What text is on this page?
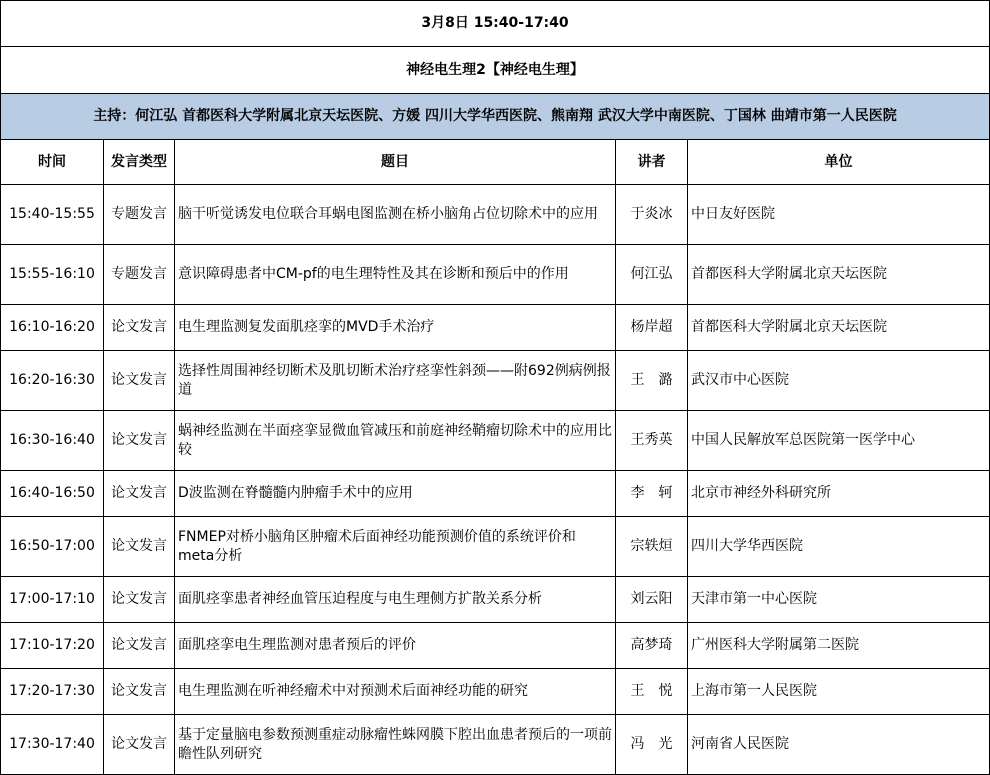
3月8日 15:40-17:40				
神经电生理2【神经电生理】				
主持：何江弘 首都医科大学附属北京天坛医院、方媛 四川大学华西医院、熊南翔 武汉大学中南医院、丁国林 曲靖市第一人民医院				
时间	发言类型	题目	讲者	单位
15:40-15:55	专题发言	脑干听觉诱发电位联合耳蜗电图监测在桥小脑角占位切除术中的应用	于炎冰	中日友好医院
15:55-16:10	专题发言	意识障碍患者中CM-pf的电生理特性及其在诊断和预后中的作用	何江弘	首都医科大学附属北京天坛医院
16:10-16:20	论文发言	电生理监测复发面肌痉挛的MVD手术治疗	杨岸超	首都医科大学附属北京天坛医院
16:20-16:30	论文发言	选择性周围神经切断术及肌切断术治疗痉挛性斜颈——附692例病例报道	王　潞	武汉市中心医院
16:30-16:40	论文发言	蜗神经监测在半面痉挛显微血管减压和前庭神经鞘瘤切除术中的应用比较	王秀英	中国人民解放军总医院第一医学中心
16:40-16:50	论文发言	D波监测在脊髓髓内肿瘤手术中的应用	李　轲	北京市神经外科研究所
16:50-17:00	论文发言	FNMEP对桥小脑角区肿瘤术后面神经功能预测价值的系统评价和meta分析	宗轶烜	四川大学华西医院
17:00-17:10	论文发言	面肌痉挛患者神经血管压迫程度与电生理侧方扩散关系分析	刘云阳	天津市第一中心医院
17:10-17:20	论文发言	面肌痉挛电生理监测对患者预后的评价	高梦琦	广州医科大学附属第二医院
17:20-17:30	论文发言	电生理监测在听神经瘤术中对预测术后面神经功能的研究	王　悦	上海市第一人民医院
17:30-17:40	论文发言	基于定量脑电参数预测重症动脉瘤性蛛网膜下腔出血患者预后的一项前瞻性队列研究	冯　光	河南省人民医院
